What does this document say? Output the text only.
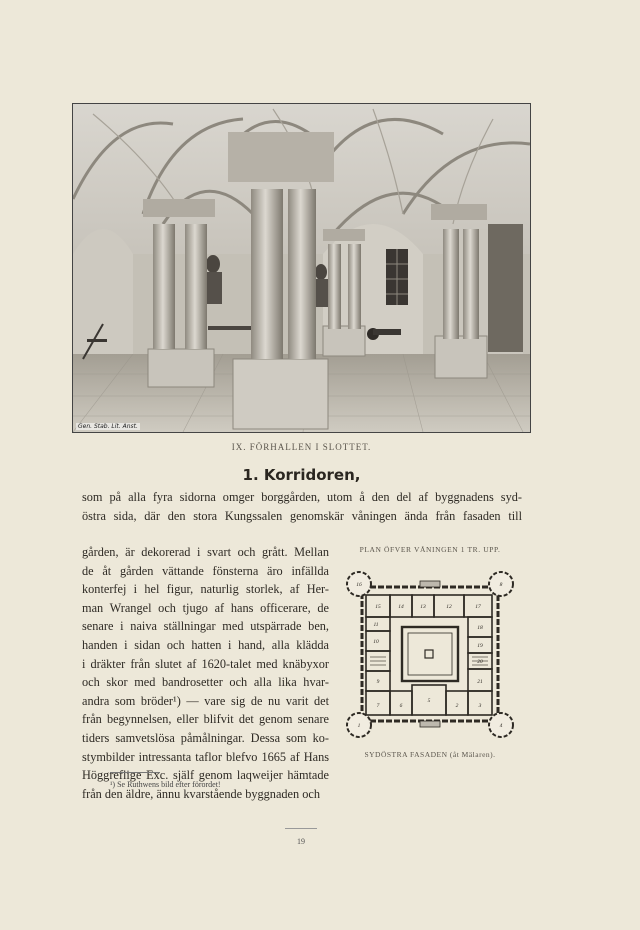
Gen. Stab. Lit. Anst.
IX. FÖRHALLEN I SLOTTET.
1. Korridoren,
som på alla fyra sidorna omger borggården, utom å den del af byggnadens syd-
östra sida, där den stora Kungssalen genomskär våningen ända från fasaden till
gården, är dekorerad i svart och grått. Mellan
de åt gården vättande fönsterna äro infällda
konterfej i hel figur, naturlig storlek, af Her-
man Wrangel och tjugo af hans officerare, de
senare i naiva ställningar med utspärrade ben,
handen i sidan och hatten i hand, alla klädda
i dräkter från slutet af 1620-talet med knäbyxor
och skor med bandrosetter och alla lika hvar-
andra som bröder¹) — vare sig de nu varit det
från begynnelsen, eller blifvit det genom senare
tiders samvetslösa påmålningar. Dessa som ko-
stymbilder intressanta taflor blefvo 1665 af Hans
Höggreflige Exc. själf genom laqweijer hämtade
från den äldre, ännu kvarstående byggnaden och
PLAN ÖFVER VÅNINGEN 1 TR. UPP.
15	14	13	12	17
18
19
10
11
20
9	21
7	6
5
2	3
1	4
8
16
SYDÖSTRA FASADEN (åt Mälaren).
¹) Se Ruthwens bild efter förordet!
19
